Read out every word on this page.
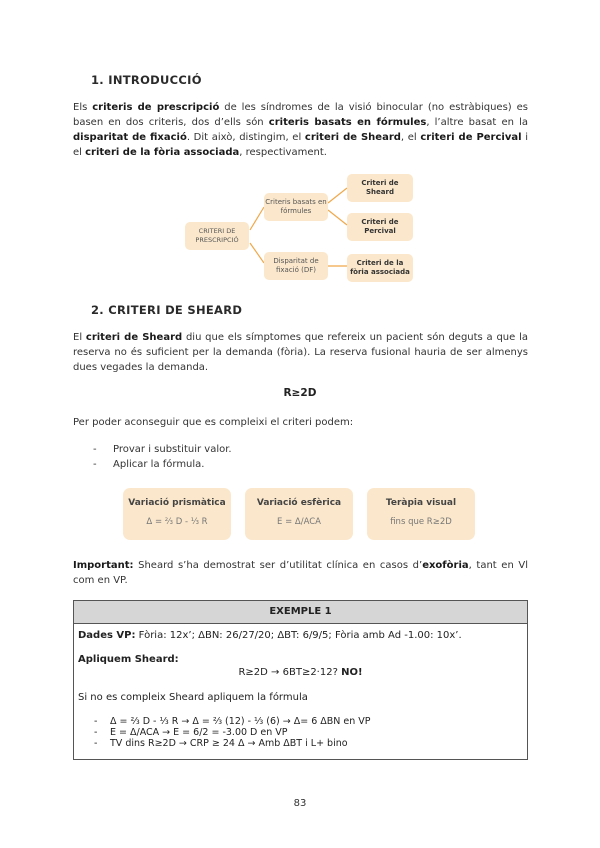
1. INTRODUCCIÓ
Els criteris de prescripció de les síndromes de la visió binocular (no estràbiques) es basen en dos criteris, dos d’ells són criteris basats en fórmules, l’altre basat en la disparitat de fixació. Dit això, distingim, el criteri de Sheard, el criteri de Percival i el criteri de la fòria associada, respectivament.
CRITERI DE PRESCRIPCIÓ
Criteris basats en fórmules
Disparitat de fixació (DF)
Criteri de Sheard
Criteri de Percival
Criteri de la fòria associada
2. CRITERI DE SHEARD
El criteri de Sheard diu que els símptomes que refereix un pacient són deguts a que la reserva no és suficient per la demanda (fòria). La reserva fusional hauria de ser almenys dues vegades la demanda.
R≥2D
Per poder aconseguir que es compleixi el criteri podem:
-	Provar i substituir valor.
-	Aplicar la fórmula.
Variació prismàtica
Δ = ⅔ D - ⅓ R
Variació esfèrica
E = Δ/ACA
Teràpia visual
fins que R≥2D
Important: Sheard s’ha demostrat ser d’utilitat clínica en casos d’exofòria, tant en Vl com en VP.
EXEMPLE 1
Dades VP: Fòria: 12x’; ΔBN: 26/27/20; ΔBT: 6/9/5; Fòria amb Ad -1.00: 10x’.
Apliquem Sheard:
R≥2D → 6BT≥2·12? NO!
Si no es compleix Sheard apliquem la fórmula
- Δ = ⅔ D - ⅓ R → Δ = ⅔ (12) - ⅓ (6) → Δ= 6 ΔBN en VP
- E = Δ/ACA → E = 6/2 = -3.00 D en VP
- TV dins R≥2D → CRP ≥ 24 Δ → Amb ΔBT i L+ bino
83
